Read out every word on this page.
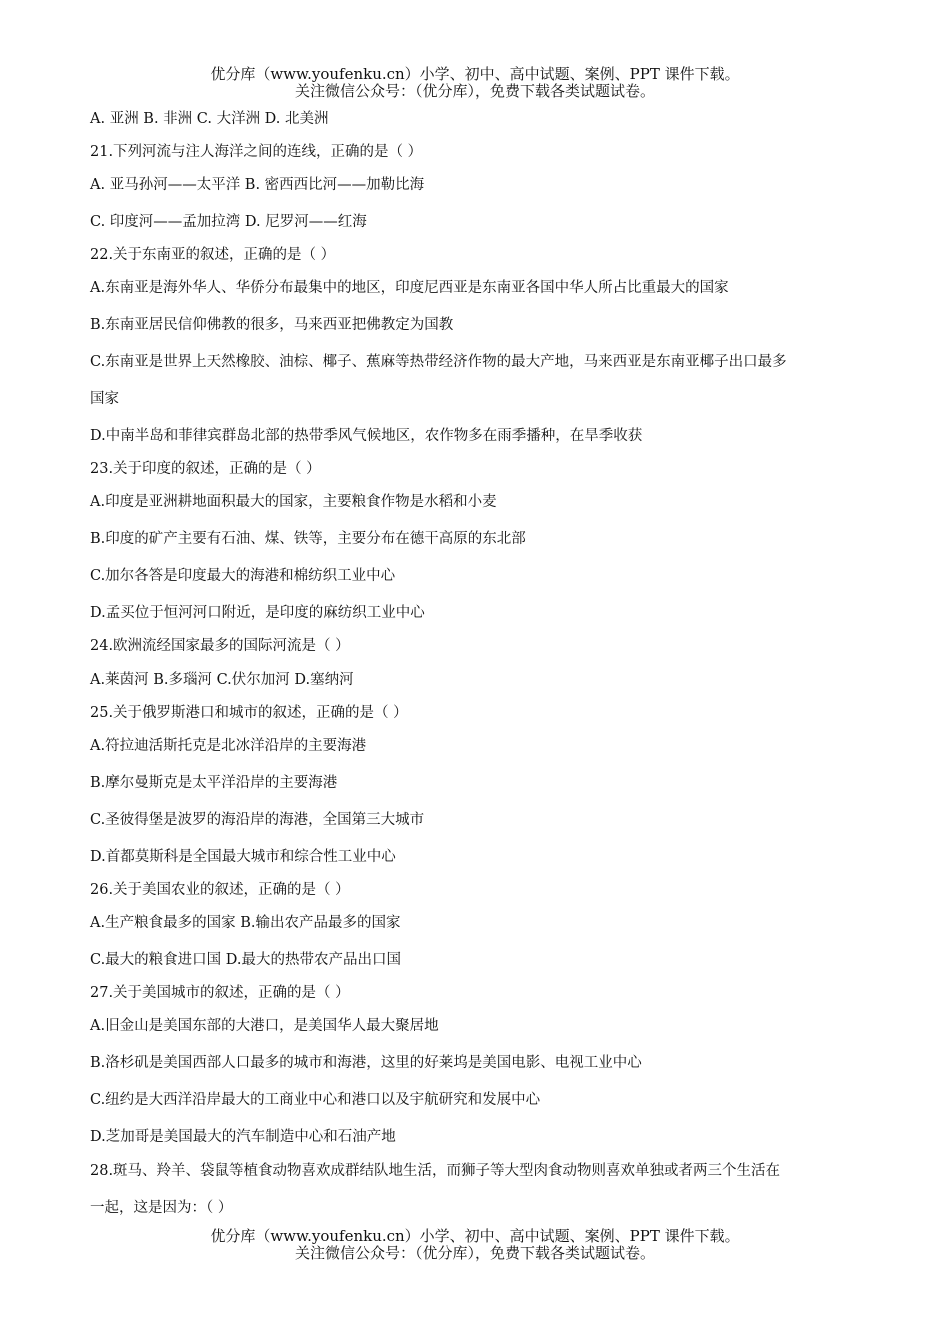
优分库（www.youfenku.cn）小学、初中、高中试题、案例、PPT 课件下载。
关注微信公众号：（优分库），免费下载各类试题试卷。
A. 亚洲 B. 非洲 C. 大洋洲 D. 北美洲
21.下列河流与注人海洋之间的连线，正确的是（ ）
A. 亚马孙河——太平洋 B. 密西西比河——加勒比海
C. 印度河——孟加拉湾 D. 尼罗河——红海
22.关于东南亚的叙述，正确的是（ ）
A.东南亚是海外华人、华侨分布最集中的地区，印度尼西亚是东南亚各国中华人所占比重最大的国家
B.东南亚居民信仰佛教的很多，马来西亚把佛教定为国教
C.东南亚是世界上天然橡胶、油棕、椰子、蕉麻等热带经济作物的最大产地，马来西亚是东南亚椰子出口最多
国家
D.中南半岛和菲律宾群岛北部的热带季风气候地区，农作物多在雨季播种，在旱季收获
23.关于印度的叙述，正确的是（ ）
A.印度是亚洲耕地面积最大的国家，主要粮食作物是水稻和小麦
B.印度的矿产主要有石油、煤、铁等，主要分布在德干高原的东北部
C.加尔各答是印度最大的海港和棉纺织工业中心
D.孟买位于恒河河口附近，是印度的麻纺织工业中心
24.欧洲流经国家最多的国际河流是（ ）
A.莱茵河 B.多瑙河 C.伏尔加河 D.塞纳河
25.关于俄罗斯港口和城市的叙述，正确的是（ ）
A.符拉迪活斯托克是北冰洋沿岸的主要海港
B.摩尔曼斯克是太平洋沿岸的主要海港
C.圣彼得堡是波罗的海沿岸的海港，全国第三大城市
D.首都莫斯科是全国最大城市和综合性工业中心
26.关于美国农业的叙述，正确的是（ ）
A.生产粮食最多的国家 B.输出农产品最多的国家
C.最大的粮食进口国 D.最大的热带农产品出口国
27.关于美国城市的叙述，正确的是（ ）
A.旧金山是美国东部的大港口，是美国华人最大聚居地
B.洛杉矶是美国西部人口最多的城市和海港，这里的好莱坞是美国电影、电视工业中心
C.纽约是大西洋沿岸最大的工商业中心和港口以及宇航研究和发展中心
D.芝加哥是美国最大的汽车制造中心和石油产地
28.斑马、羚羊、袋鼠等植食动物喜欢成群结队地生活，而狮子等大型肉食动物则喜欢单独或者两三个生活在
一起，这是因为：（ ）
优分库（www.youfenku.cn）小学、初中、高中试题、案例、PPT 课件下载。
关注微信公众号：（优分库），免费下载各类试题试卷。
